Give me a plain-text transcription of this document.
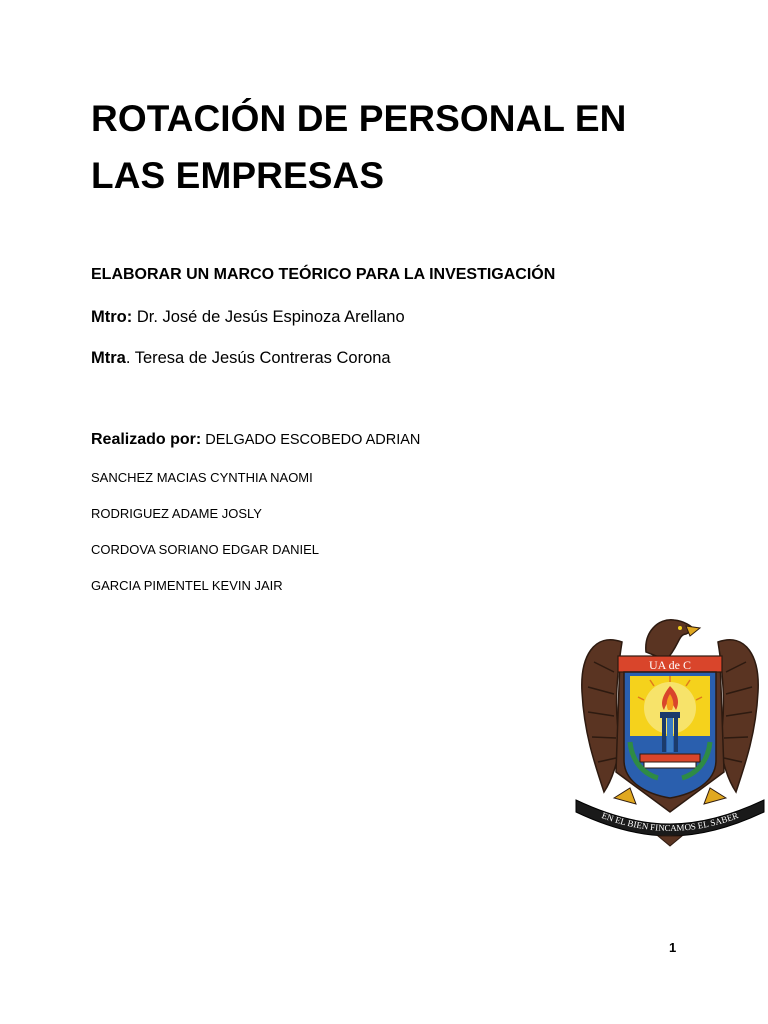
ROTACIÓN DE PERSONAL EN LAS EMPRESAS
ELABORAR UN MARCO TEÓRICO PARA LA INVESTIGACIÓN
Mtro: Dr. José de Jesús Espinoza Arellano
Mtra. Teresa de Jesús Contreras Corona
Realizado por: DELGADO ESCOBEDO ADRIAN
SANCHEZ MACIAS CYNTHIA NAOMI
RODRIGUEZ ADAME JOSLY
CORDOVA SORIANO EDGAR DANIEL
GARCIA PIMENTEL KEVIN JAIR
UA de C
EN EL BIEN FINCAMOS EL SABER
1
